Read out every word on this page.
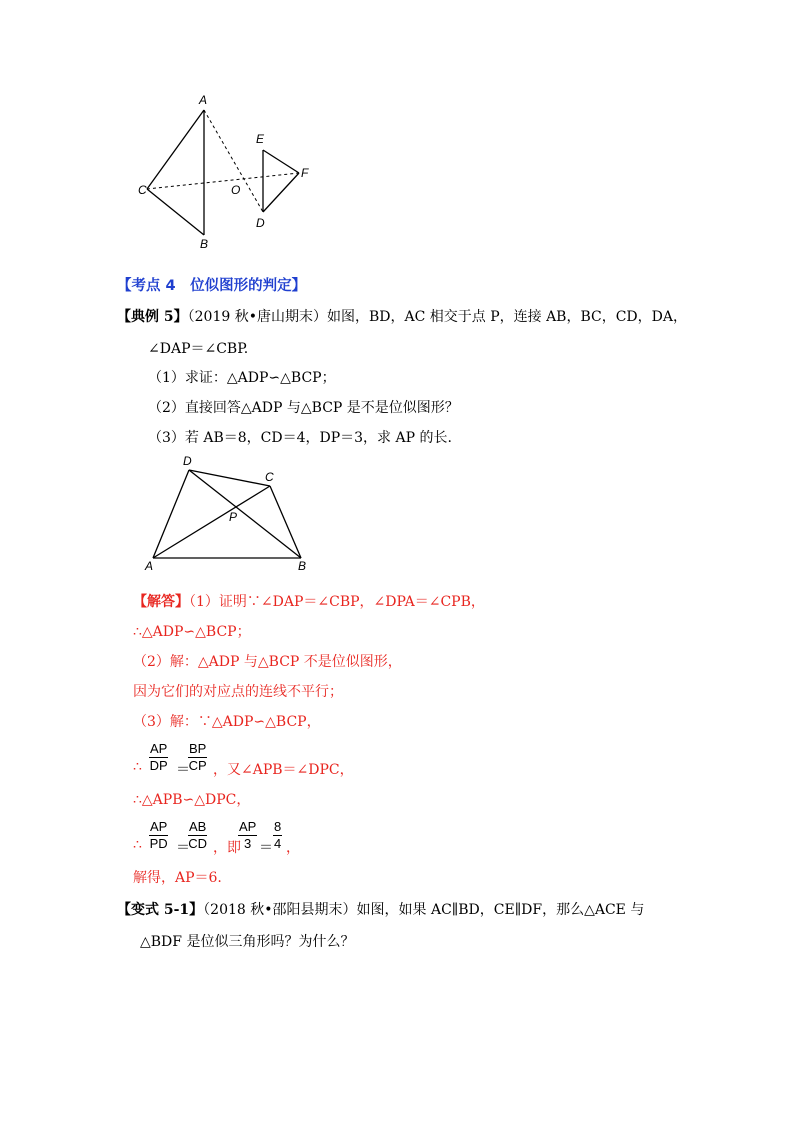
A
C
B
O
E
F
D
【考点 4　位似图形的判定】
【典例 5】（2019 秋•唐山期末）如图，BD，AC 相交于点 P，连接 AB，BC，CD，DA，
∠DAP＝∠CBP.
（1）求证：△ADP∽△BCP；
（2）直接回答△ADP 与△BCP 是不是位似图形？
（3）若 AB＝8，CD＝4，DP＝3，求 AP 的长.
D
C
P
A	B
【解答】（1）证明∵∠DAP＝∠CBP，∠DPA＝∠CPB，
∴△ADP∽△BCP；
（2）解：△ADP 与△BCP 不是位似图形，
因为它们的对应点的连线不平行；
（3）解：∵△ADP∽△BCP，
∴ $\frac{AP}{DP}$ ＝
$\frac{BP}{CP}$ ，又∠APB＝∠DPC，
∴△APB∽△DPC，
∴ $\frac{AP}{PD}$ ＝
$\frac{AB}{CD}$ ，即
$\frac{AP}{3} = \frac{8}{4}$ ，
解得，AP＝6.
【变式 5-1】（2018 秋•邵阳县期末）如图，如果 AC∥BD，CE∥DF，那么△ACE 与
△BDF 是位似三角形吗？为什么？
